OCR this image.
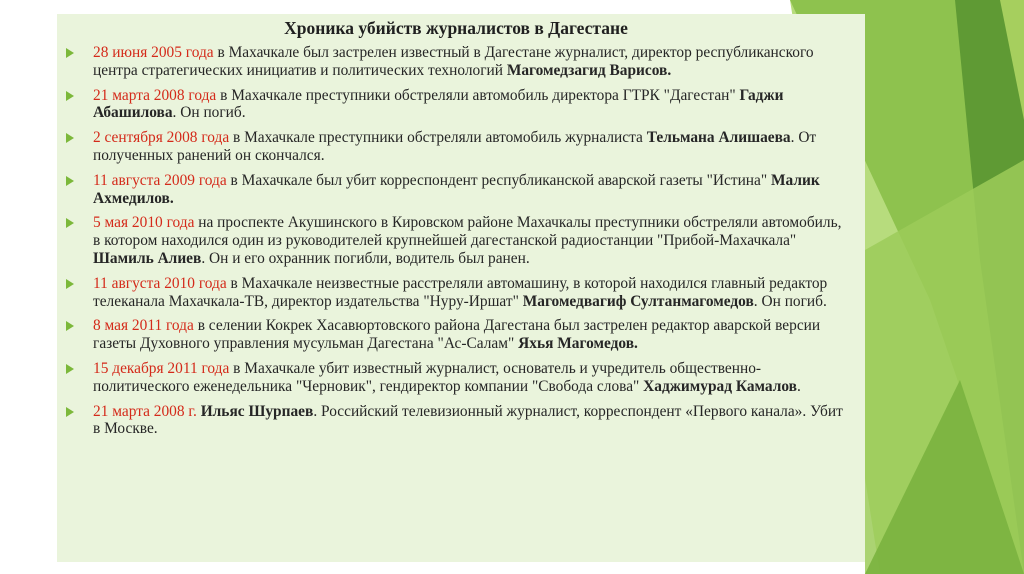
Хроника убийств журналистов в Дагестане
28 июня 2005 года в Махачкале был застрелен известный в Дагестане журналист, директор республиканского центра стратегических инициатив и политических технологий Магомедзагид Варисов.
21 марта 2008 года в Махачкале преступники обстреляли автомобиль директора ГТРК "Дагестан" Гаджи Абашилова. Он погиб.
2 сентября 2008 года в Махачкале преступники обстреляли автомобиль журналиста Тельмана Алишаева. От полученных ранений он скончался.
11 августа 2009 года в Махачкале был убит корреспондент республиканской аварской газеты "Истина" Малик Ахмедилов.
5 мая 2010 года на проспекте Акушинского в Кировском районе Махачкалы преступники обстреляли автомобиль, в котором находился один из руководителей крупнейшей дагестанской радиостанции "Прибой-Махачкала" Шамиль Алиев. Он и его охранник погибли, водитель был ранен.
11 августа 2010 года в Махачкале неизвестные расстреляли автомашину, в которой находился главный редактор телеканала Махачкала-ТВ, директор издательства "Нуру-Иршат" Магомедвагиф Султанмагомедов. Он погиб.
8 мая 2011 года в селении Кокрек Хасавюртовского района Дагестана был застрелен редактор аварской версии газеты Духовного управления мусульман Дагестана "Ас-Салам" Яхья Магомедов.
15 декабря 2011 года в Махачкале убит известный журналист, основатель и учредитель общественно-политического еженедельника "Черновик", гендиректор компании "Свобода слова" Хаджимурад Камалов.
21 марта 2008 г. Ильяс Шурпаев. Российский телевизионный журналист, корреспондент «Первого канала». Убит в Москве.
